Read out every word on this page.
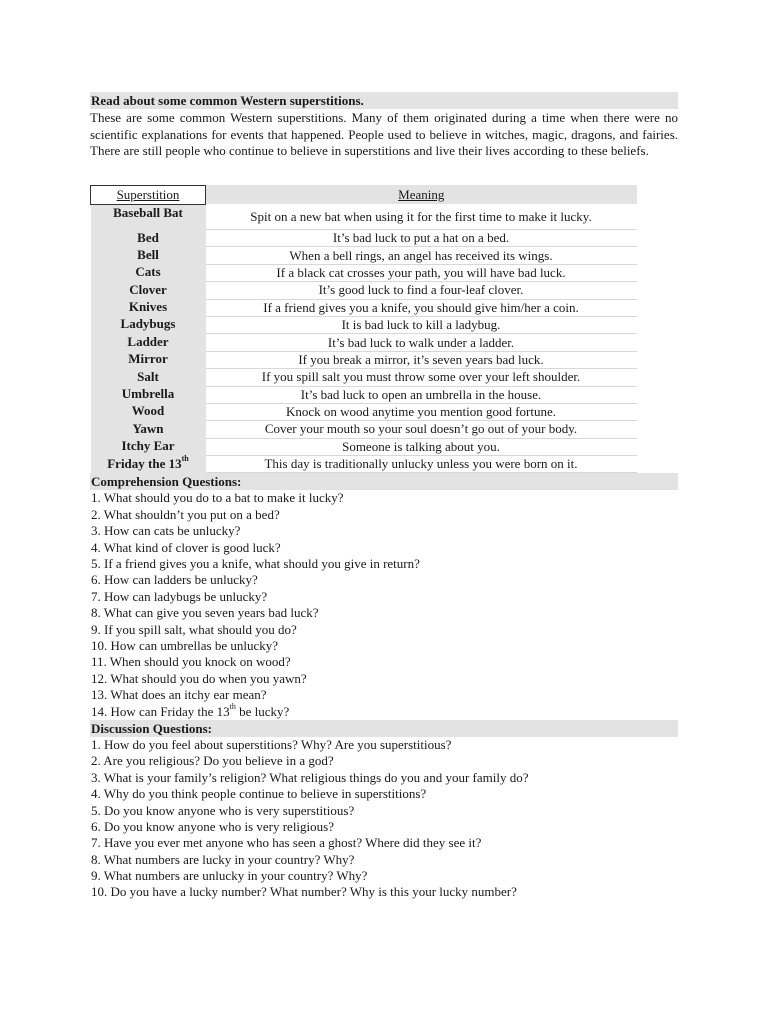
Read about some common Western superstitions.

These are some common Western superstitions. Many of them originated during a time when there were no scientific explanations for events that happened. People used to believe in witches, magic, dragons, and fairies. There are still people who continue to believe in superstitions and live their lives according to these beliefs.

Superstition	Meaning
Baseball Bat	Spit on a new bat when using it for the first time to make it lucky.
Bed	It’s bad luck to put a hat on a bed.
Bell	When a bell rings, an angel has received its wings.
Cats	If a black cat crosses your path, you will have bad luck.
Clover	It’s good luck to find a four-leaf clover.
Knives	If a friend gives you a knife, you should give him/her a coin.
Ladybugs	It is bad luck to kill a ladybug.
Ladder	It’s bad luck to walk under a ladder.
Mirror	If you break a mirror, it’s seven years bad luck.
Salt	If you spill salt you must throw some over your left shoulder.
Umbrella	It’s bad luck to open an umbrella in the house.
Wood	Knock on wood anytime you mention good fortune.
Yawn	Cover your mouth so your soul doesn’t go out of your body.
Itchy Ear	Someone is talking about you.
Friday the 13th	This day is traditionally unlucky unless you were born on it.
Comprehension Questions:
1. What should you do to a bat to make it lucky?
2. What shouldn’t you put on a bed?
3. How can cats be unlucky?
4. What kind of clover is good luck?
5. If a friend gives you a knife, what should you give in return?
6. How can ladders be unlucky?
7. How can ladybugs be unlucky?
8. What can give you seven years bad luck?
9. If you spill salt, what should you do?
10. How can umbrellas be unlucky?
11. When should you knock on wood?
12. What should you do when you yawn?
13. What does an itchy ear mean?
14. How can Friday the 13th be lucky?
Discussion Questions:
1. How do you feel about superstitions? Why? Are you superstitious?
2. Are you religious? Do you believe in a god?
3. What is your family’s religion? What religious things do you and your family do?
4. Why do you think people continue to believe in superstitions?
5. Do you know anyone who is very superstitious?
6. Do you know anyone who is very religious?
7. Have you ever met anyone who has seen a ghost? Where did they see it?
8. What numbers are lucky in your country? Why?
9. What numbers are unlucky in your country? Why?
10. Do you have a lucky number? What number? Why is this your lucky number?
